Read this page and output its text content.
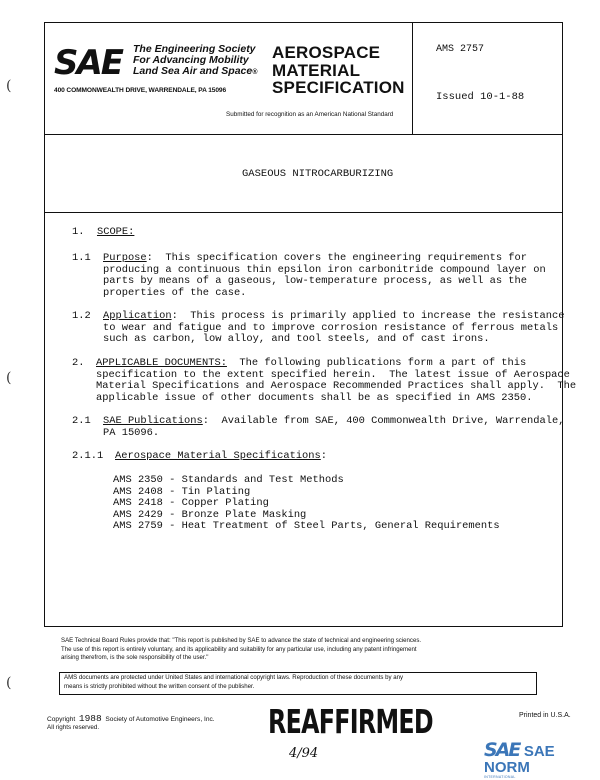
(
(
(
SAE The Engineering Society
For Advancing Mobility
Land Sea Air and Space®
400 COMMONWEALTH DRIVE, WARRENDALE, PA 15096
AEROSPACE
MATERIAL
SPECIFICATION
AMS 2757
Issued 10-1-88
Submitted for recognition as an American National Standard
GASEOUS NITROCARBURIZING
1. SCOPE:
1.1 Purpose:  This specification covers the engineering requirements for
producing a continuous thin epsilon iron carbonitride compound layer on
parts by means of a gaseous, low-temperature process, as well as the
properties of the case.
1.2 Application:  This process is primarily applied to increase the resistance
to wear and fatigue and to improve corrosion resistance of ferrous metals
such as carbon, low alloy, and tool steels, and of cast irons.
2. APPLICABLE DOCUMENTS:  The following publications form a part of this
specification to the extent specified herein.  The latest issue of Aerospace
Material Specifications and Aerospace Recommended Practices shall apply.  The
applicable issue of other documents shall be as specified in AMS 2350.
2.1 SAE Publications:  Available from SAE, 400 Commonwealth Drive, Warrendale,
PA 15096.
2.1.1 Aerospace Material Specifications:
AMS 2350 - Standards and Test Methods
AMS 2408 - Tin Plating
AMS 2418 - Copper Plating
AMS 2429 - Bronze Plate Masking
AMS 2759 - Heat Treatment of Steel Parts, General Requirements
SAE Technical Board Rules provide that: "This report is published by SAE to advance the state of technical and engineering sciences.
The use of this report is entirely voluntary, and its applicability and suitability for any particular use, including any patent infringement
arising therefrom, is the sole responsibility of the user."
AMS documents are protected under United States and international copyright laws. Reproduction of these documents by any
means is strictly prohibited without the written consent of the publisher.
Copyright 1988 Society of Automotive Engineers, Inc.
All rights reserved.
Printed in U.S.A.
REAFFIRMED
4/94	SAE SAE NORM
INTERNATIONAL
